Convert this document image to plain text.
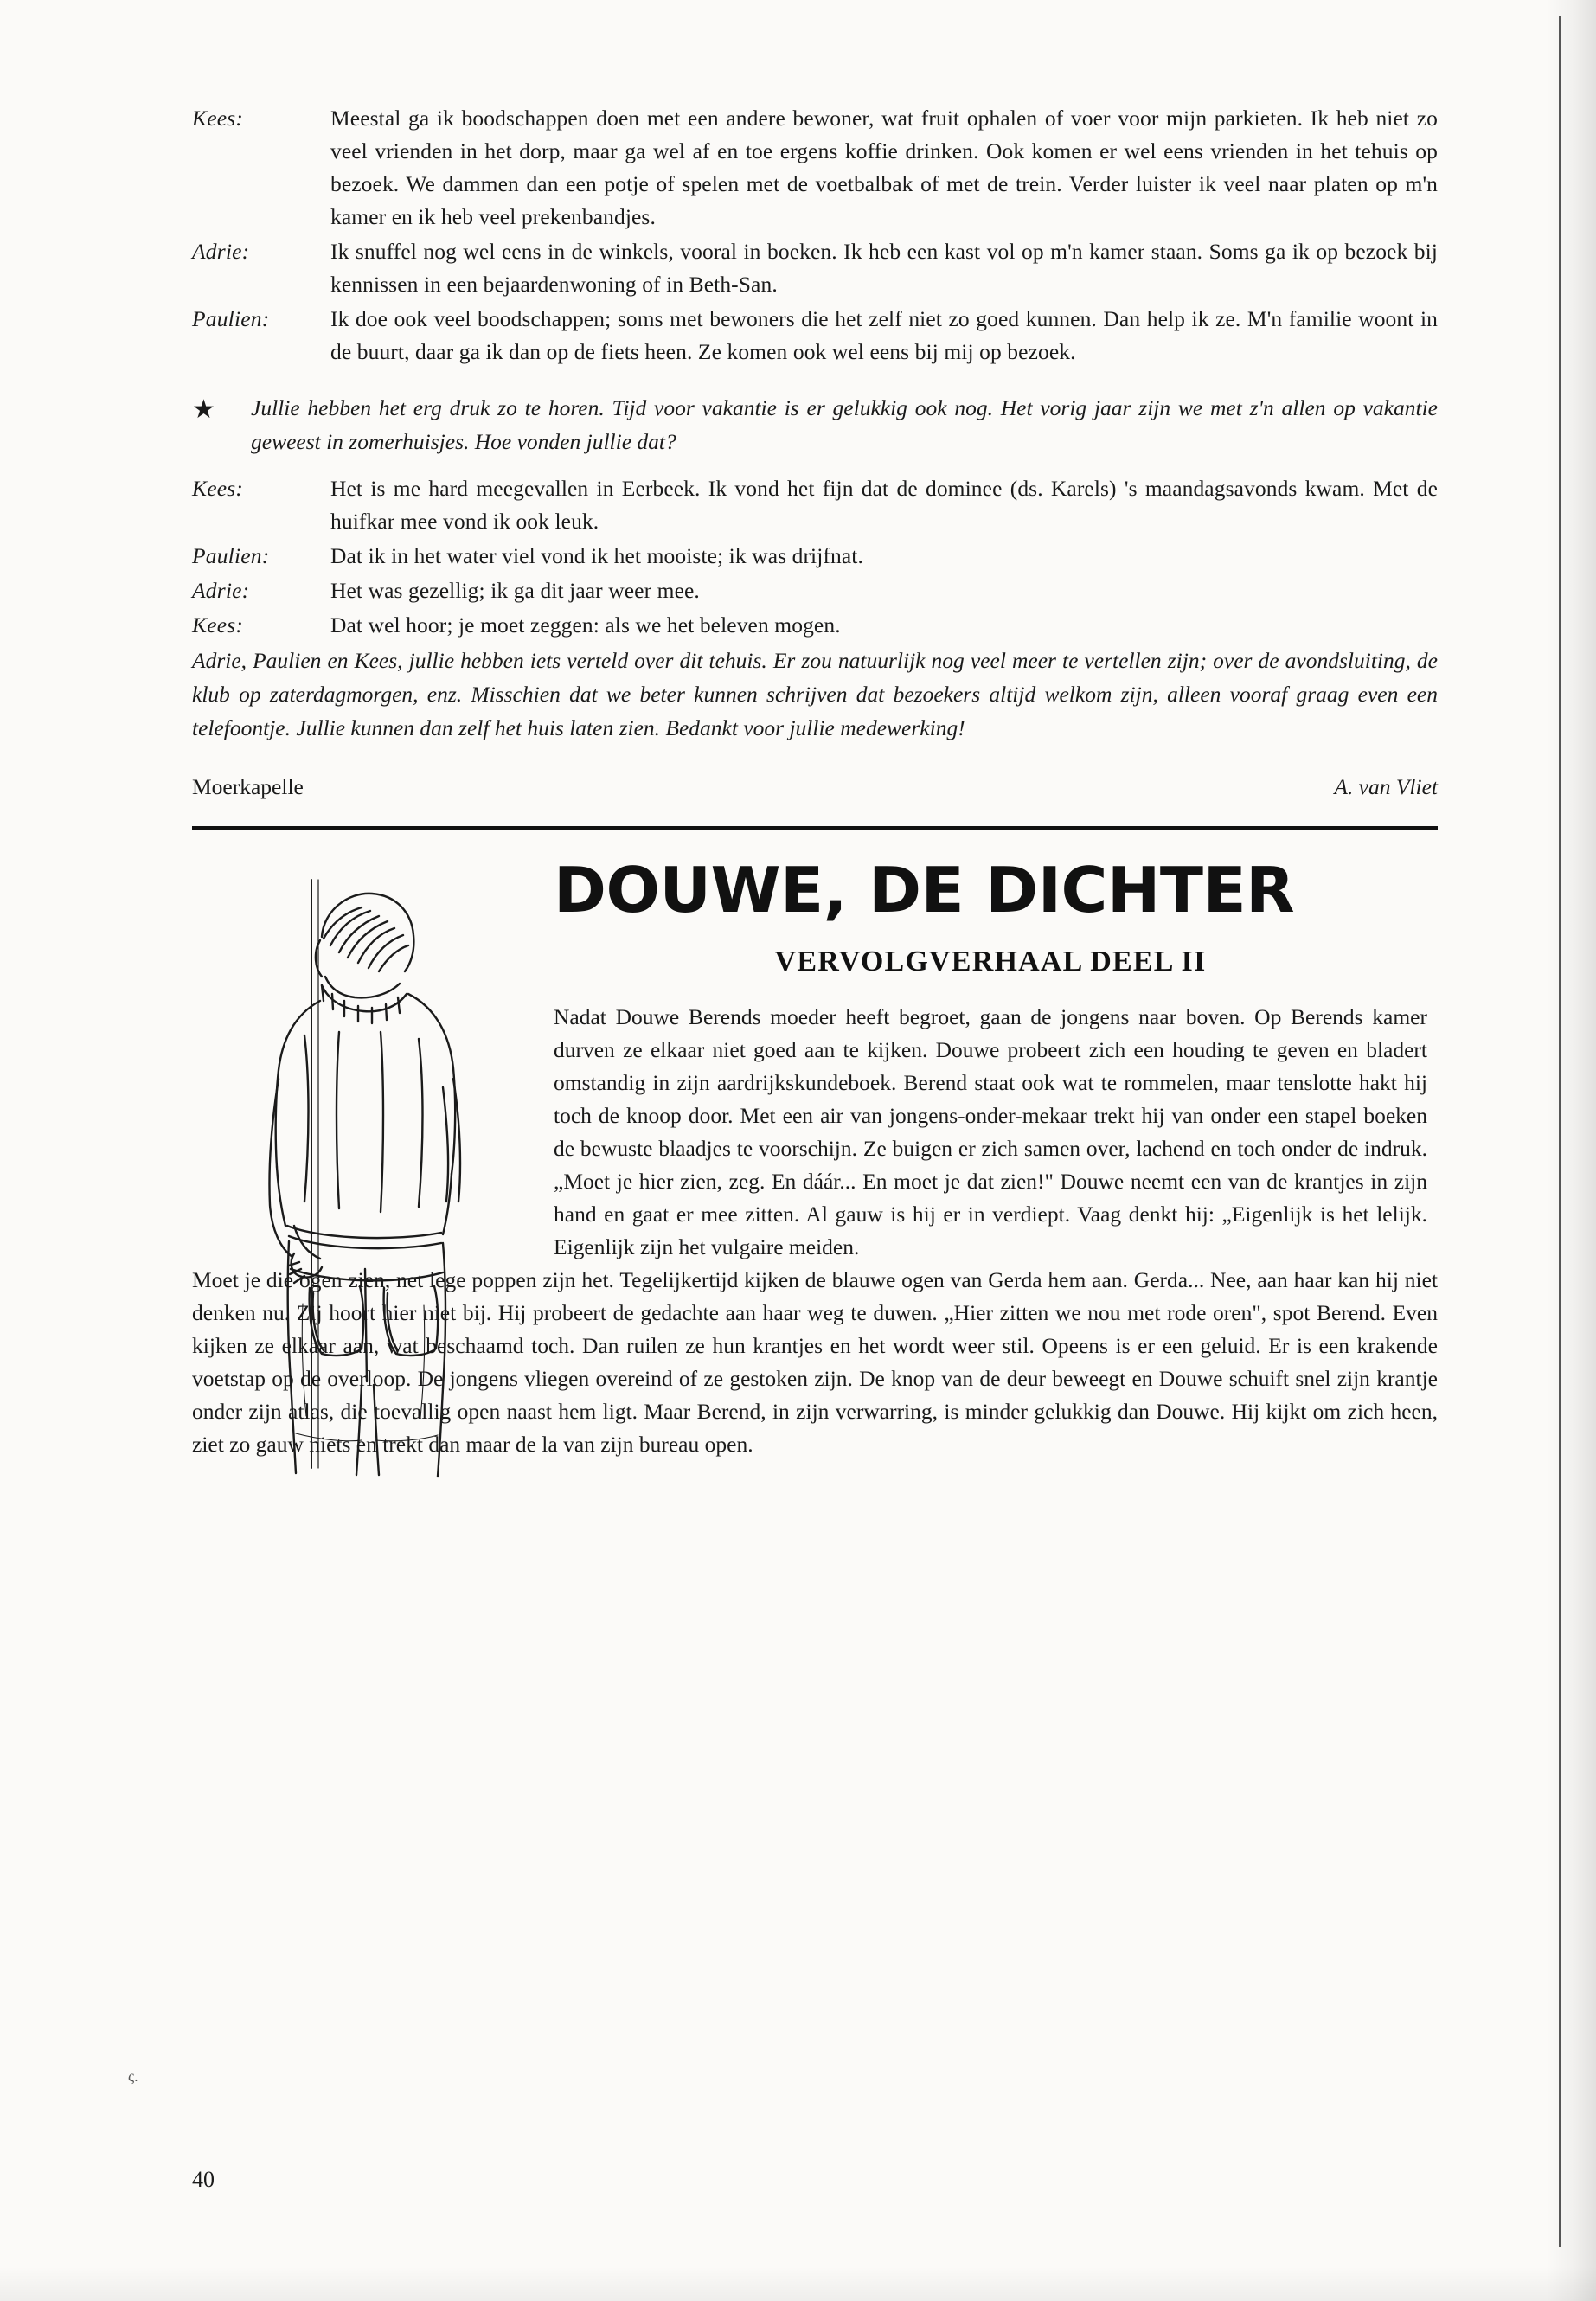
Kees:	Meestal ga ik boodschappen doen met een andere bewoner, wat fruit ophalen of voer voor mijn parkieten. Ik heb niet zo veel vrienden in het dorp, maar ga wel af en toe ergens koffie drinken. Ook komen er wel eens vrienden in het tehuis op bezoek. We dammen dan een potje of spelen met de voetbalbak of met de trein. Verder luister ik veel naar platen op m'n kamer en ik heb veel prekenbandjes.
Adrie:	Ik snuffel nog wel eens in de winkels, vooral in boeken. Ik heb een kast vol op m'n kamer staan. Soms ga ik op bezoek bij kennissen in een bejaardenwoning of in Beth-San.
Paulien:	Ik doe ook veel boodschappen; soms met bewoners die het zelf niet zo goed kunnen. Dan help ik ze. M'n familie woont in de buurt, daar ga ik dan op de fiets heen. Ze komen ook wel eens bij mij op bezoek.
★	Jullie hebben het erg druk zo te horen. Tijd voor vakantie is er gelukkig ook nog. Het vorig jaar zijn we met z'n allen op vakantie geweest in zomerhuisjes. Hoe vonden jullie dat?
Kees:	Het is me hard meegevallen in Eerbeek. Ik vond het fijn dat de dominee (ds. Karels) 's maandagsavonds kwam. Met de huifkar mee vond ik ook leuk.
Paulien:	Dat ik in het water viel vond ik het mooiste; ik was drijfnat.
Adrie:	Het was gezellig; ik ga dit jaar weer mee.
Kees:	Dat wel hoor; je moet zeggen: als we het beleven mogen.
Adrie, Paulien en Kees, jullie hebben iets verteld over dit tehuis. Er zou natuurlijk nog veel meer te vertellen zijn; over de avondsluiting, de klub op zaterdagmorgen, enz. Misschien dat we beter kunnen schrijven dat bezoekers altijd welkom zijn, alleen vooraf graag even een telefoontje. Jullie kunnen dan zelf het huis laten zien. Bedankt voor jullie medewerking!
Moerkapelle	A. van Vliet
DOUWE, DE DICHTER
VERVOLGVERHAAL DEEL II

Nadat Douwe Berends moeder heeft begroet, gaan de jongens naar boven. Op Berends kamer durven ze elkaar niet goed aan te kijken. Douwe probeert zich een houding te geven en bladert omstandig in zijn aardrijkskundeboek. Berend staat ook wat te rommelen, maar tenslotte hakt hij toch de knoop door. Met een air van jongens-onder-mekaar trekt hij van onder een stapel boeken de bewuste blaadjes te voorschijn. Ze buigen er zich samen over, lachend en toch onder de indruk. „Moet je hier zien, zeg. En dáár... En moet je dat zien!" Douwe neemt een van de krantjes in zijn hand en gaat er mee zitten. Al gauw is hij er in verdiept. Vaag denkt hij: „Eigenlijk is het lelijk. Eigenlijk zijn het vulgaire meiden.

Moet je die ogen zien, net lege poppen zijn het. Tegelijkertijd kijken de blauwe ogen van Gerda hem aan. Gerda... Nee, aan haar kan hij niet denken nu. Zij hoort hier niet bij. Hij probeert de gedachte aan haar weg te duwen. „Hier zitten we nou met rode oren", spot Berend. Even kijken ze elkaar aan, wat beschaamd toch. Dan ruilen ze hun krantjes en het wordt weer stil. Opeens is er een geluid. Er is een krakende voetstap op de overloop. De jongens vliegen overeind of ze gestoken zijn. De knop van de deur beweegt en Douwe schuift snel zijn krantje onder zijn atlas, die toevallig open naast hem ligt. Maar Berend, in zijn verwarring, is minder gelukkig dan Douwe. Hij kijkt om zich heen, ziet zo gauw niets en trekt dan maar de la van zijn bureau open.

ς.
40
